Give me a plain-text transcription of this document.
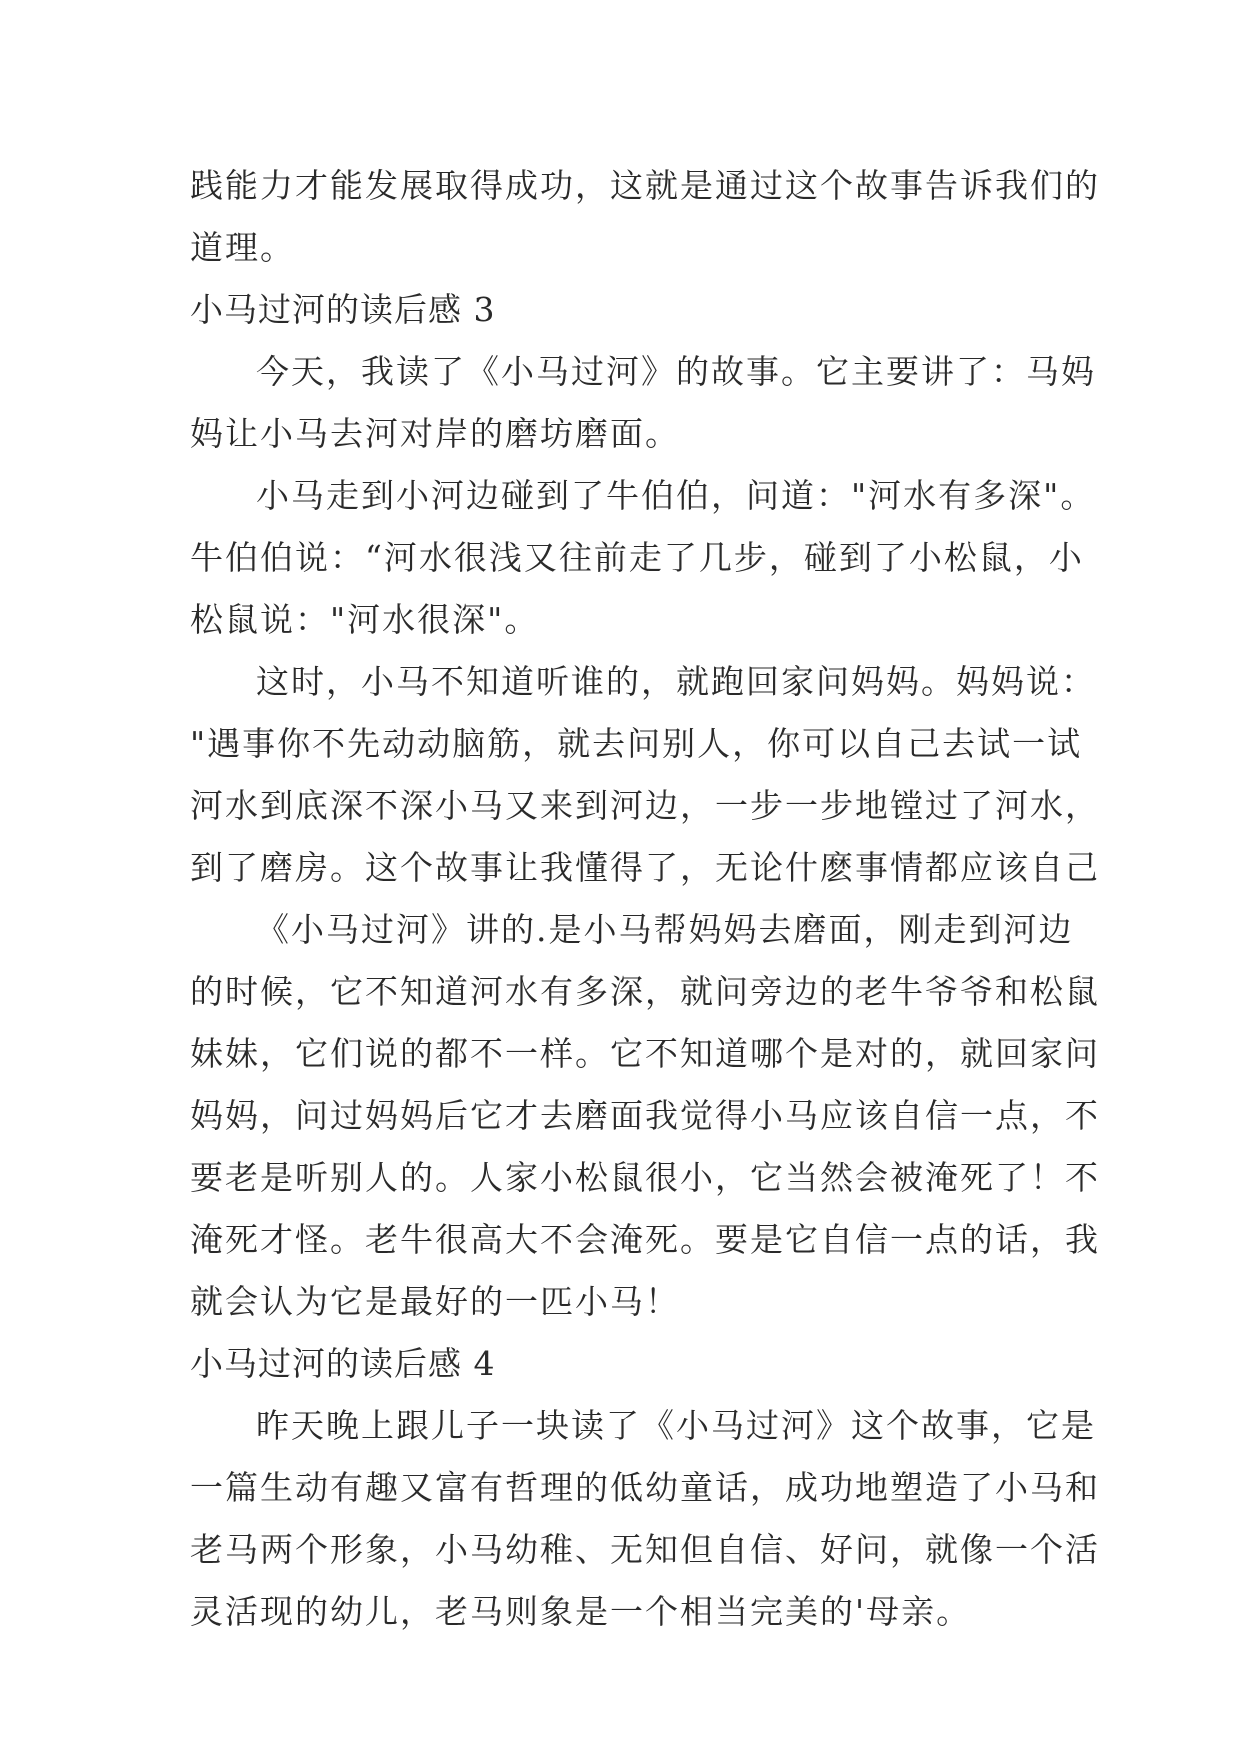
践能力才能发展取得成功，这就是通过这个故事告诉我们的
道理。
小马过河的读后感 3
今天，我读了《小马过河》的故事。它主要讲了：马妈
妈让小马去河对岸的磨坊磨面。
小马走到小河边碰到了牛伯伯，问道："河水有多深"。
牛伯伯说：“河水很浅又往前走了几步，碰到了小松鼠，小
松鼠说："河水很深"。
这时，小马不知道听谁的，就跑回家问妈妈。妈妈说：
"遇事你不先动动脑筋，就去问别人，你可以自己去试一试
河水到底深不深小马又来到河边，一步一步地镗过了河水，
到了磨房。这个故事让我懂得了，无论什麽事情都应该自己
《小马过河》讲的.是小马帮妈妈去磨面，刚走到河边
的时候，它不知道河水有多深，就问旁边的老牛爷爷和松鼠
妹妹，它们说的都不一样。它不知道哪个是对的，就回家问
妈妈，问过妈妈后它才去磨面我觉得小马应该自信一点，不
要老是听别人的。人家小松鼠很小，它当然会被淹死了！不
淹死才怪。老牛很高大不会淹死。要是它自信一点的话，我
就会认为它是最好的一匹小马！
小马过河的读后感 4
昨天晚上跟儿子一块读了《小马过河》这个故事，它是
一篇生动有趣又富有哲理的低幼童话，成功地塑造了小马和
老马两个形象，小马幼稚、无知但自信、好问，就像一个活
灵活现的幼儿，老马则象是一个相当完美的'母亲。
